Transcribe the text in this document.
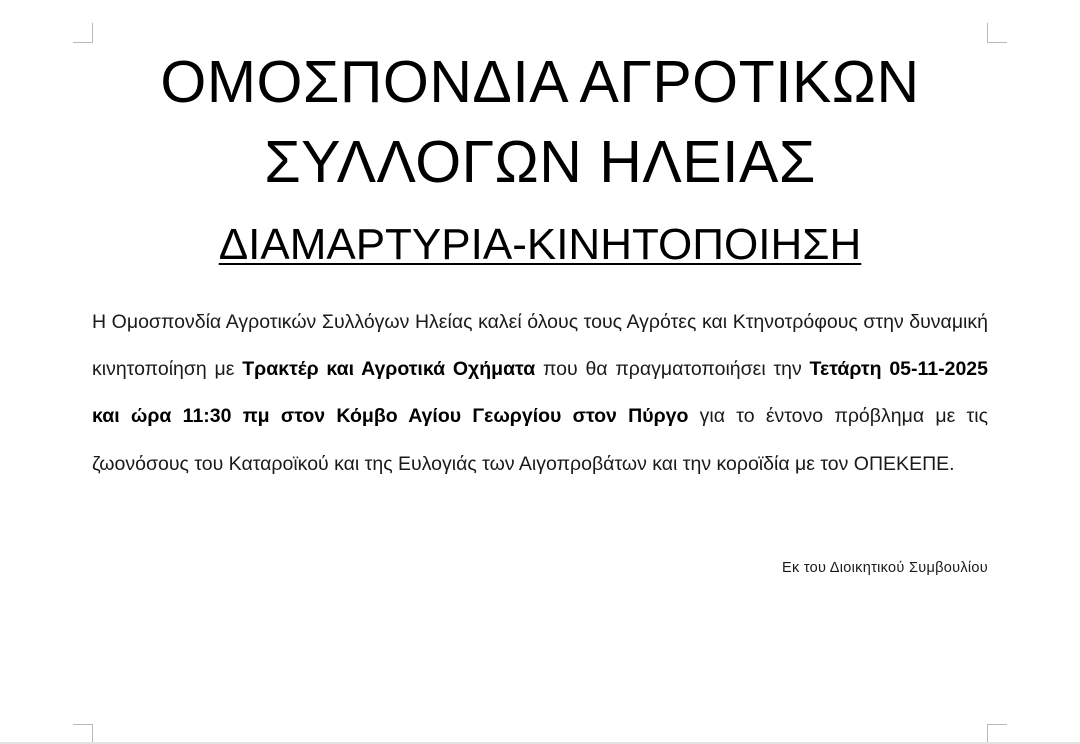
ΟΜΟΣΠΟΝΔΙΑ ΑΓΡΟΤΙΚΩΝ
ΣΥΛΛΟΓΩΝ ΗΛΕΙΑΣ
ΔΙΑΜΑΡΤΥΡΙΑ-ΚΙΝΗΤΟΠΟΙΗΣΗ

Η Ομοσπονδία Αγροτικών Συλλόγων Ηλείας καλεί όλους τους Αγρότες και Κτηνοτρόφους στην δυναμική κινητοποίηση με Τρακτέρ και Αγροτικά Οχήματα που θα πραγματοποιήσει την Τετάρτη 05-11-2025 και ώρα 11:30 πμ στον Κόμβο Αγίου Γεωργίου στον Πύργο για το έντονο πρόβλημα με τις ζωονόσους του Καταροϊκού και της Ευλογιάς των Αιγοπροβάτων και την κοροϊδία με τον ΟΠΕΚΕΠΕ.

Εκ του Διοικητικού Συμβουλίου
